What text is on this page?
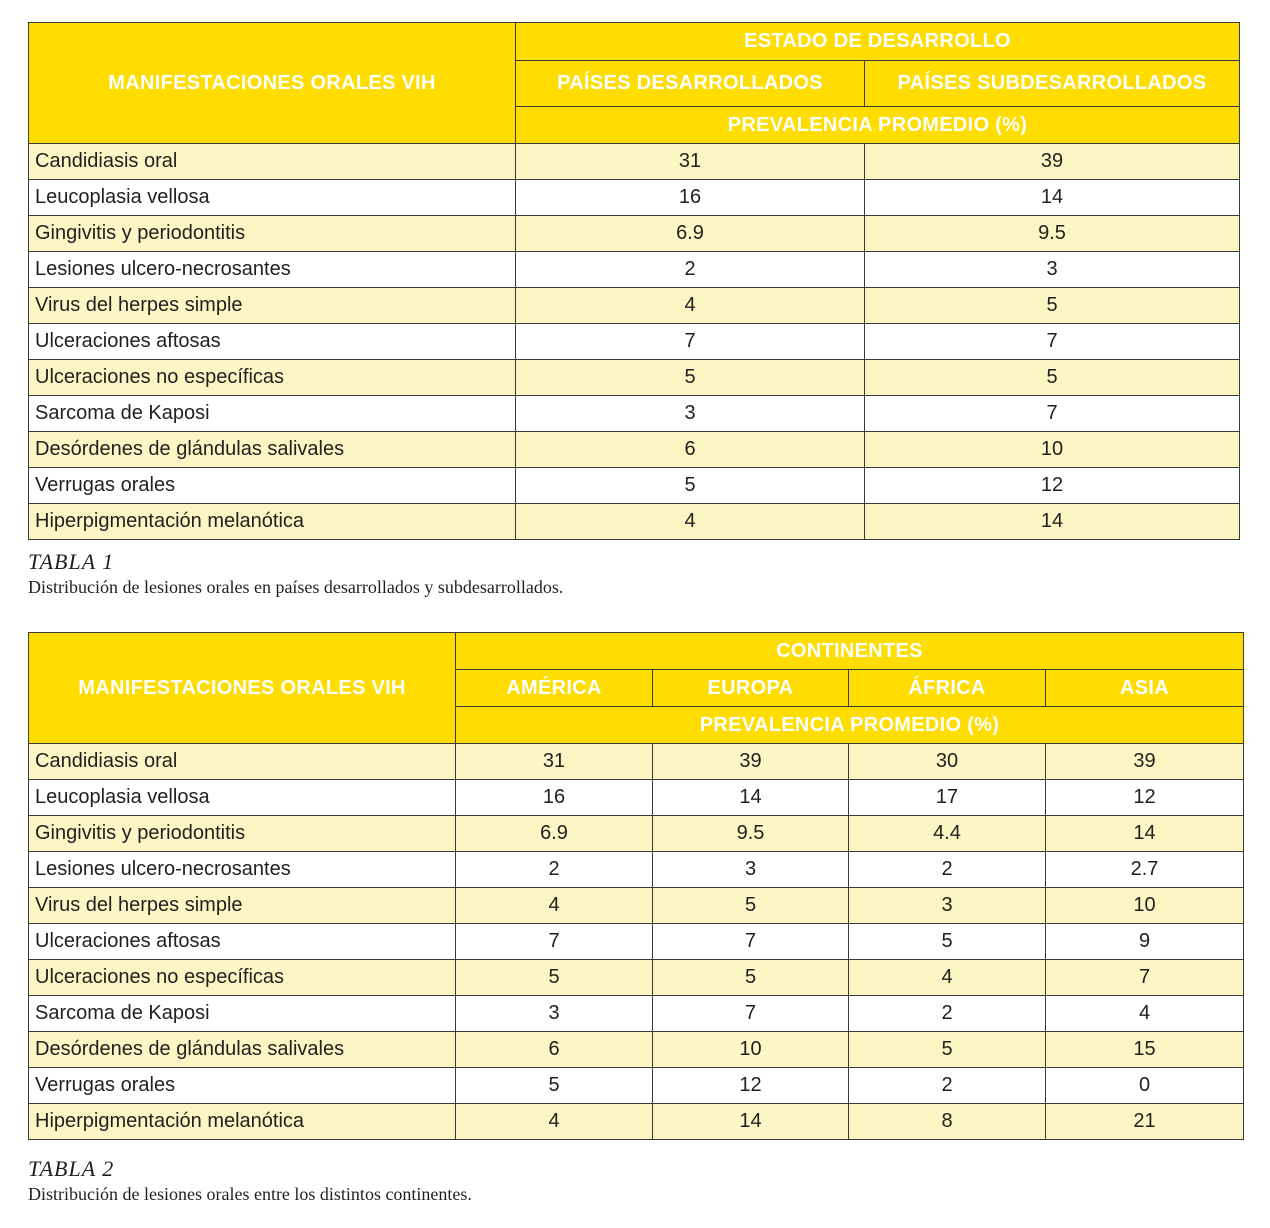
MANIFESTACIONES ORALES VIH	ESTADO DE DESARROLLO	
	PAÍSES DESARROLLADOS	PAÍSES SUBDESARROLLADOS
	PREVALENCIA PROMEDIO (%)	
Candidiasis oral	31	39
Leucoplasia vellosa	16	14
Gingivitis y periodontitis	6.9	9.5
Lesiones ulcero-necrosantes	2	3
Virus del herpes simple	4	5
Ulceraciones aftosas	7	7
Ulceraciones no específicas	5	5
Sarcoma de Kaposi	3	7
Desórdenes de glándulas salivales	6	10
Verrugas orales	5	12
Hiperpigmentación melanótica	4	14
TABLA 1
Distribución de lesiones orales en países desarrollados y subdesarrollados.
MANIFESTACIONES ORALES VIH	CONTINENTES			
	AMÉRICA	EUROPA	ÁFRICA	ASIA
	PREVALENCIA PROMEDIO (%)			
Candidiasis oral	31	39	30	39
Leucoplasia vellosa	16	14	17	12
Gingivitis y periodontitis	6.9	9.5	4.4	14
Lesiones ulcero-necrosantes	2	3	2	2.7
Virus del herpes simple	4	5	3	10
Ulceraciones aftosas	7	7	5	9
Ulceraciones no específicas	5	5	4	7
Sarcoma de Kaposi	3	7	2	4
Desórdenes de glándulas salivales	6	10	5	15
Verrugas orales	5	12	2	0
Hiperpigmentación melanótica	4	14	8	21
TABLA 2
Distribución de lesiones orales entre los distintos continentes.
